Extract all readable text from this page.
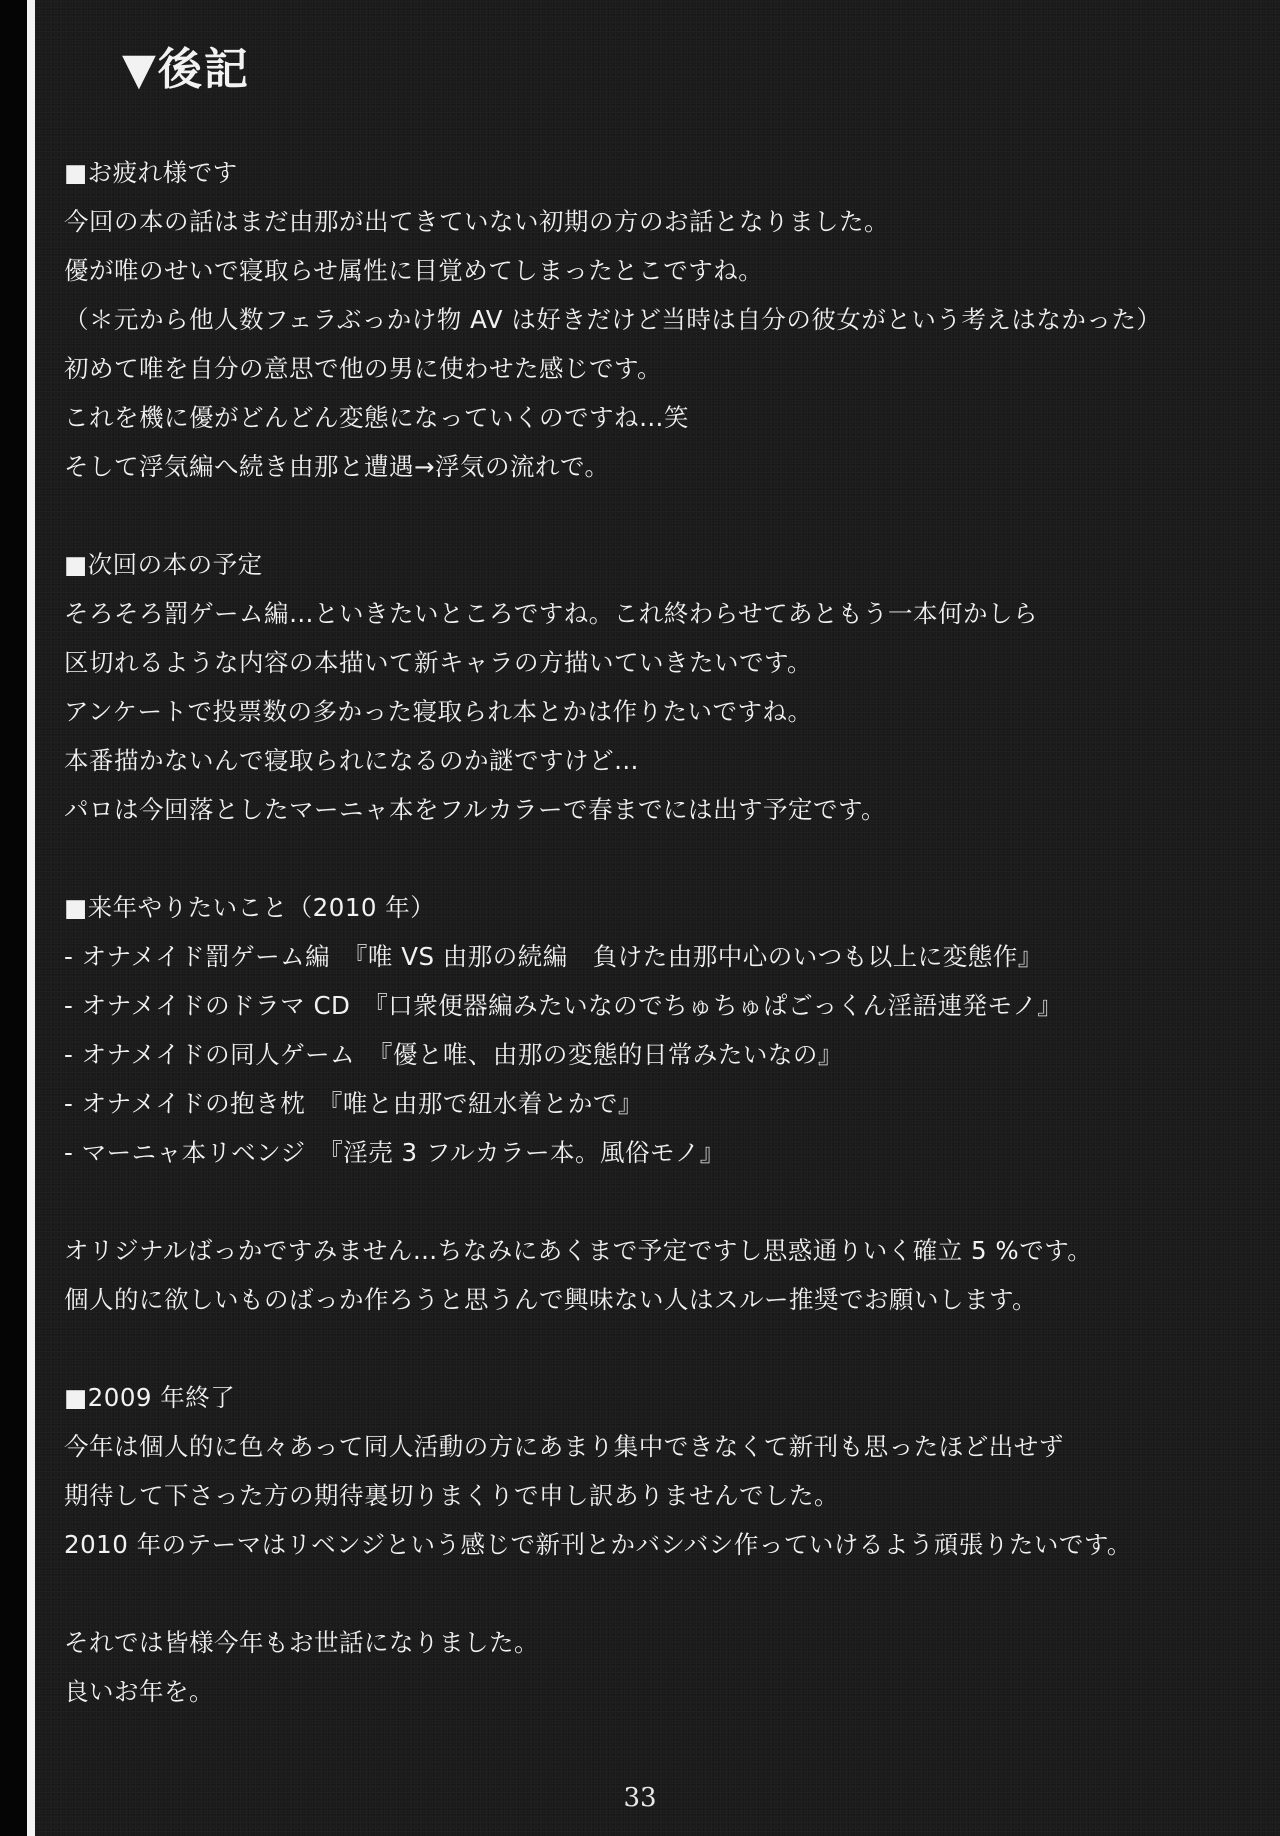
▼後記
■お疲れ様です
今回の本の話はまだ由那が出てきていない初期の方のお話となりました。
優が唯のせいで寝取らせ属性に目覚めてしまったとこですね。
（＊元から他人数フェラぶっかけ物 AV は好きだけど当時は自分の彼女がという考えはなかった）
初めて唯を自分の意思で他の男に使わせた感じです。
これを機に優がどんどん変態になっていくのですね…笑
そして浮気編へ続き由那と遭遇→浮気の流れで。
■次回の本の予定
そろそろ罰ゲーム編…といきたいところですね。これ終わらせてあともう一本何かしら
区切れるような内容の本描いて新キャラの方描いていきたいです。
アンケートで投票数の多かった寝取られ本とかは作りたいですね。
本番描かないんで寝取られになるのか謎ですけど…
パロは今回落としたマーニャ本をフルカラーで春までには出す予定です。
■来年やりたいこと（2010 年）
- オナメイド罰ゲーム編　『唯 VS 由那の続編　負けた由那中心のいつも以上に変態作』
- オナメイドのドラマ CD　『口衆便器編みたいなのでちゅちゅぱごっくん淫語連発モノ』
- オナメイドの同人ゲーム　『優と唯、由那の変態的日常みたいなの』
- オナメイドの抱き枕　『唯と由那で紐水着とかで』
- マーニャ本リベンジ　『淫売 3 フルカラー本。風俗モノ』
オリジナルばっかですみません…ちなみにあくまで予定ですし思惑通りいく確立 5 %です。
個人的に欲しいものばっか作ろうと思うんで興味ない人はスルー推奨でお願いします。
■2009 年終了
今年は個人的に色々あって同人活動の方にあまり集中できなくて新刊も思ったほど出せず
期待して下さった方の期待裏切りまくりで申し訳ありませんでした。
2010 年のテーマはリベンジという感じで新刊とかバシバシ作っていけるよう頑張りたいです。
それでは皆様今年もお世話になりました。
良いお年を。
33
